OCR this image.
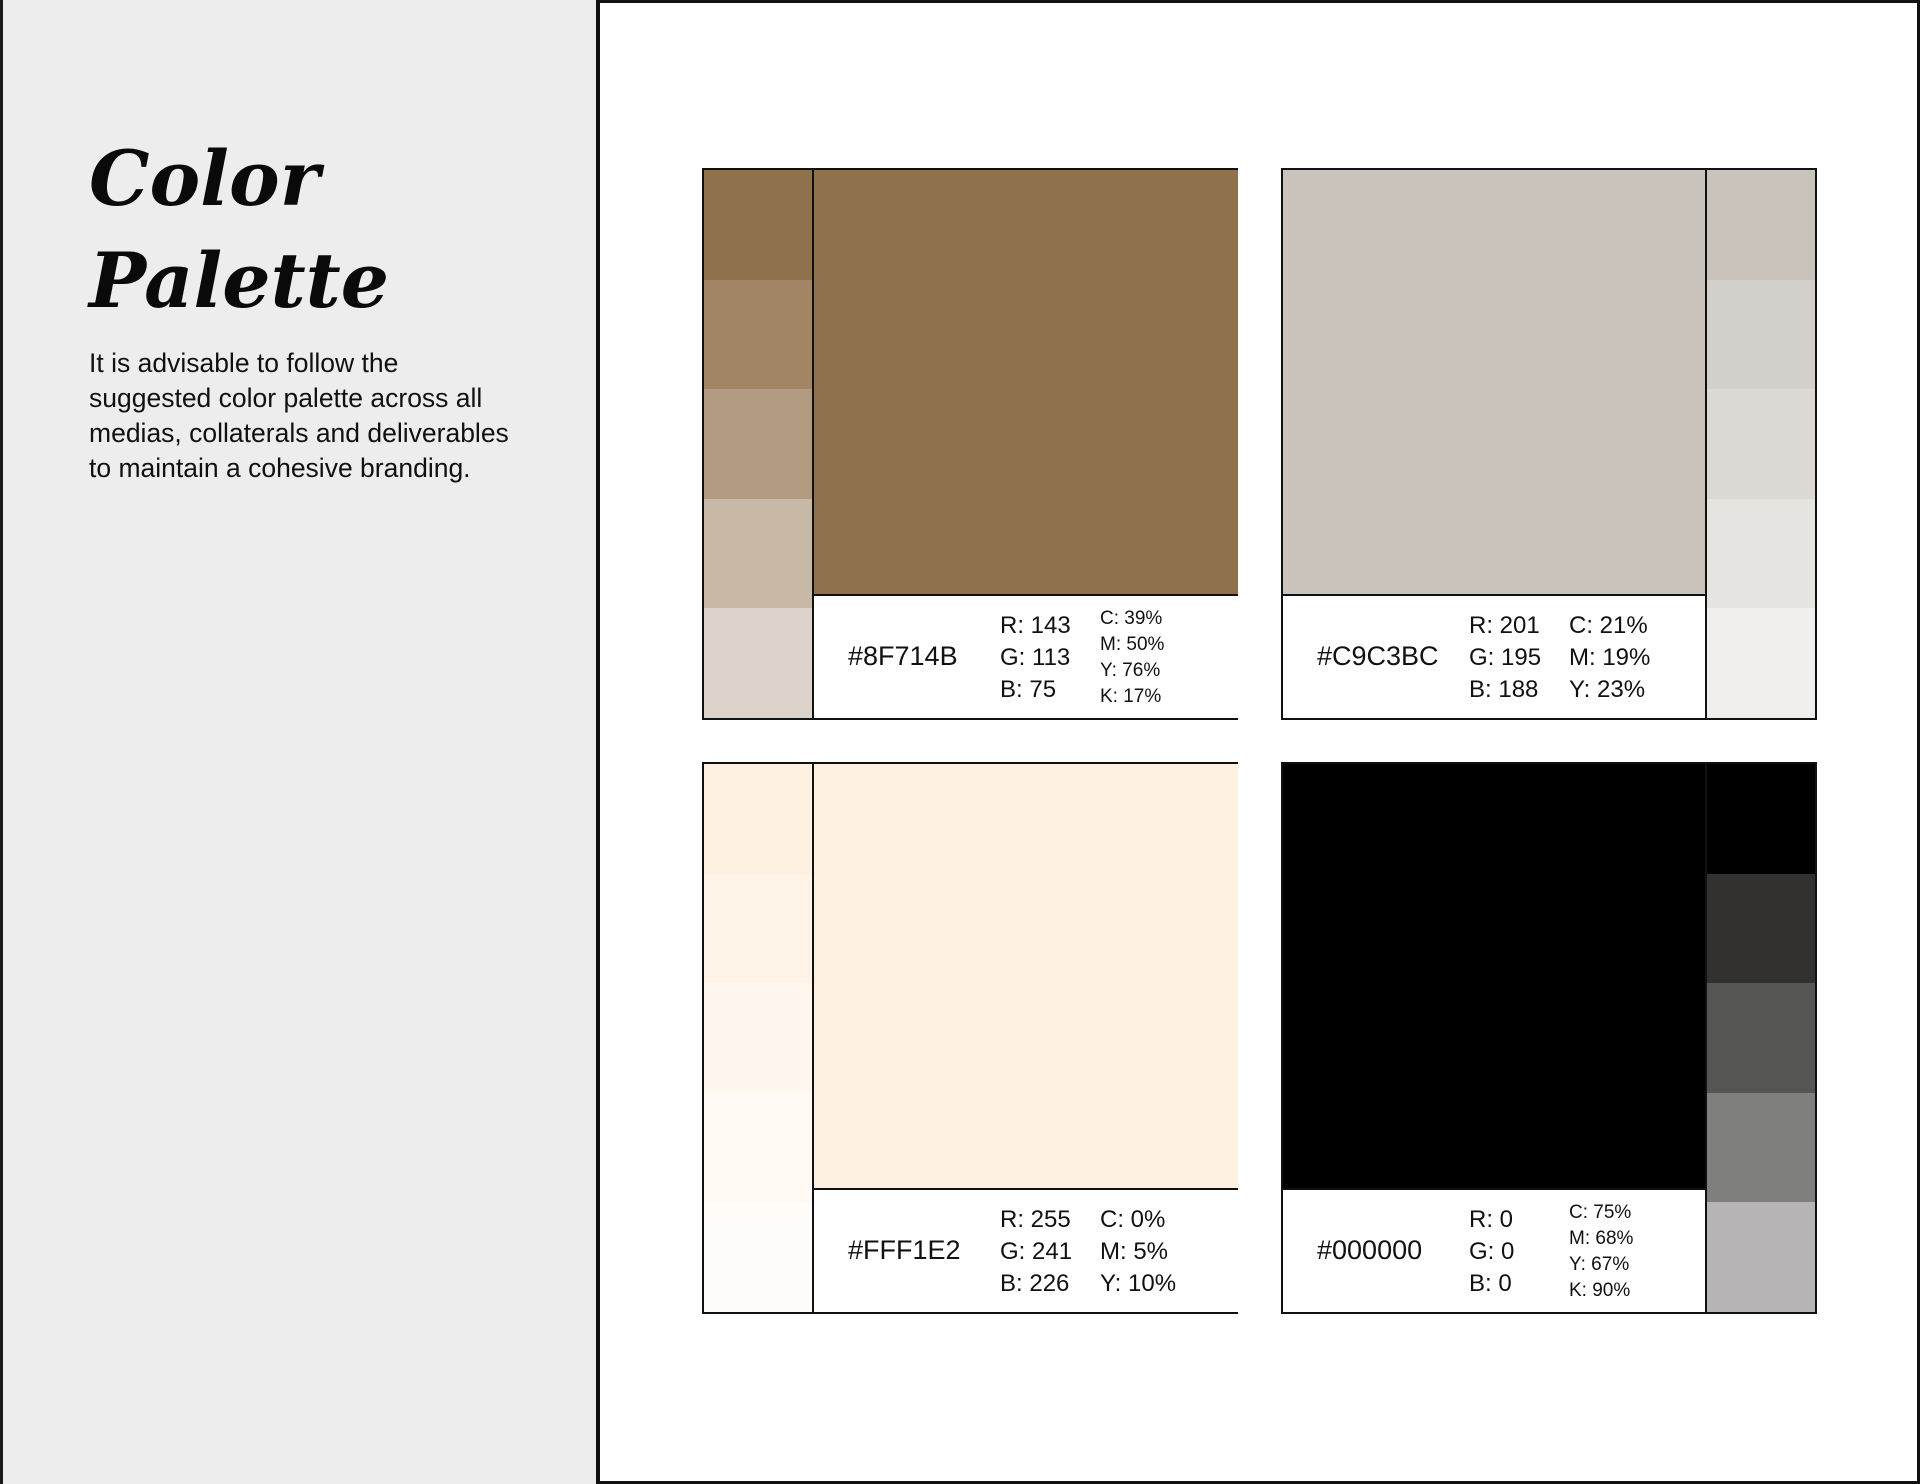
Color Palette

It is advisable to follow the suggested color palette across all medias, collaterals and deliverables to maintain a cohesive branding.

#8F714B
R: 143
G: 113
B: 75
C: 39%
M: 50%
Y: 76%
K: 17%
#C9C3BC
R: 201
G: 195
B: 188
C: 21%
M: 19%
Y: 23%
#FFF1E2
R: 255
G: 241
B: 226
C: 0%
M: 5%
Y: 10%
#000000
R: 0
G: 0
B: 0
C: 75%
M: 68%
Y: 67%
K: 90%
